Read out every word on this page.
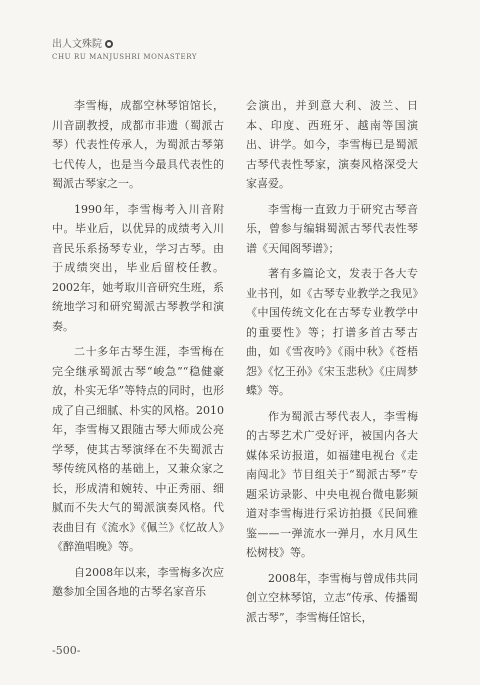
出人文殊院
CHU RU MANJUSHRI MONASTERY

李雪梅，成都空林琴馆馆长，川音副教授，成都市非遗（蜀派古琴）代表性传承人，为蜀派古琴第七代传人，也是当今最具代表性的蜀派古琴家之一。

1990年，李雪梅考入川音附中。毕业后，以优异的成绩考入川音民乐系扬琴专业，学习古琴。由于成绩突出，毕业后留校任教。2002年，她考取川音研究生班，系统地学习和研究蜀派古琴教学和演奏。

二十多年古琴生涯，李雪梅在完全继承蜀派古琴“峻急”“稳健豪放，朴实无华”等特点的同时，也形成了自己细腻、朴实的风格。2010年，李雪梅又跟随古琴大师成公亮学琴，使其古琴演绎在不失蜀派古琴传统风格的基础上，又兼众家之长，形成清和婉转、中正秀丽、细腻而不失大气的蜀派演奏风格。代表曲目有《流水》《佩兰》《忆故人》《醉渔唱晚》等。

自2008年以来，李雪梅多次应邀参加全国各地的古琴名家音乐

会演出，并到意大利、波兰、日本、印度、西班牙、越南等国演出、讲学。如今，李雪梅已是蜀派古琴代表性琴家，演奏风格深受大家喜爱。

李雪梅一直致力于研究古琴音乐，曾参与编辑蜀派古琴代表性琴谱《天闻阁琴谱》；

著有多篇论文，发表于各大专业书刊，如《古琴专业教学之我见》《中国传统文化在古琴专业教学中的重要性》等；打谱多首古琴古曲，如《雪夜吟》《雨中秋》《苍梧怨》《忆王孙》《宋玉悲秋》《庄周梦蝶》等。

作为蜀派古琴代表人，李雪梅的古琴艺术广受好评，被国内各大媒体采访报道，如福建电视台《走南闯北》节目组关于“蜀派古琴”专题采访录影、中央电视台微电影频道对李雪梅进行采访拍摄《民间雅鉴——一弹流水一弹月，水月风生松树枝》等。

2008年，李雪梅与曾成伟共同创立空林琴馆，立志“传承、传播蜀派古琴”，李雪梅任馆长，

-500-
